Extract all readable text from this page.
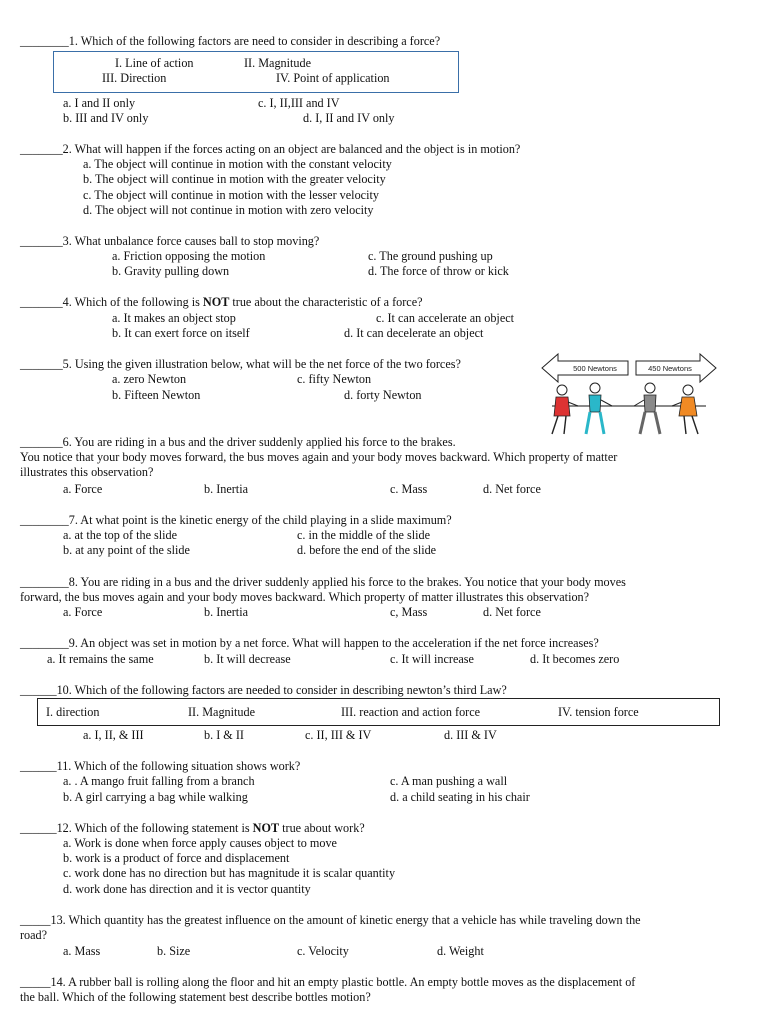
________1. Which of the following factors are need to consider in describing a force?
I. Line of action	II. Magnitude
III. Direction	IV. Point of application
a. I and II only	c. I, II,III and IV
b. III and IV only	d. I, II and IV only
_______2. What will happen if the forces acting on an object are balanced and the object is in motion?
a. The object will continue in motion with the constant velocity
b. The object will continue in motion with the greater velocity
c. The object will continue in motion with the lesser velocity
d. The object will not continue in motion with zero velocity
_______3. What unbalance force causes ball to stop moving?
a. Friction opposing the motion	c. The ground pushing up
b. Gravity pulling down	d. The force of throw or kick
_______4. Which of the following is NOT true about the characteristic of a force?
a. It makes an object stop	c. It can accelerate an object
b. It can exert force on itself	d. It can decelerate an object
_______5. Using the given illustration below, what will be the net force of the two forces?
a. zero Newton	c. fifty Newton
b. Fifteen Newton	d. forty Newton
500 Newtons	450 Newtons
_______6. You are riding in a bus and the driver suddenly applied his force to the brakes.
You notice that your body moves forward, the bus moves again and your body moves backward. Which property of matter
illustrates this observation?
a. Force	b. Inertia	c. Mass	d. Net force
________7. At what point is the kinetic energy of the child playing in a slide maximum?
a. at the top of the slide	c. in the middle of the slide
b. at any point of the slide	d. before the end of the slide
________8. You are riding in a bus and the driver suddenly applied his force to the brakes. You notice that your body moves
forward, the bus moves again and your body moves backward. Which property of matter illustrates this observation?
a. Force	b. Inertia	c, Mass	d. Net force
________9. An object was set in motion by a net force. What will happen to the acceleration if the net force increases?
a. It remains the same	b. It will decrease	c. It will increase	d. It becomes zero
______10. Which of the following factors are needed to consider in describing newton’s third Law?
I. direction	II. Magnitude	III. reaction and action force	IV. tension force
a. I, II, & III	b. I & II	c. II, III & IV	d. III & IV
______11. Which of the following situation shows work?
a. . A mango fruit falling from a branch	c. A man pushing a wall
b. A girl carrying a bag while walking	d. a child seating in his chair
______12. Which of the following statement is NOT true about work?
a. Work is done when force apply causes object to move
b. work is a product of force and displacement
c. work done has no direction but has magnitude it is scalar quantity
d. work done has direction and it is vector quantity
_____13. Which quantity has the greatest influence on the amount of kinetic energy that a vehicle has while traveling down the
road?
a. Mass	b. Size	c. Velocity	d. Weight
_____14. A rubber ball is rolling along the floor and hit an empty plastic bottle. An empty bottle moves as the displacement of
the ball. Which of the following statement best describe bottles motion?
